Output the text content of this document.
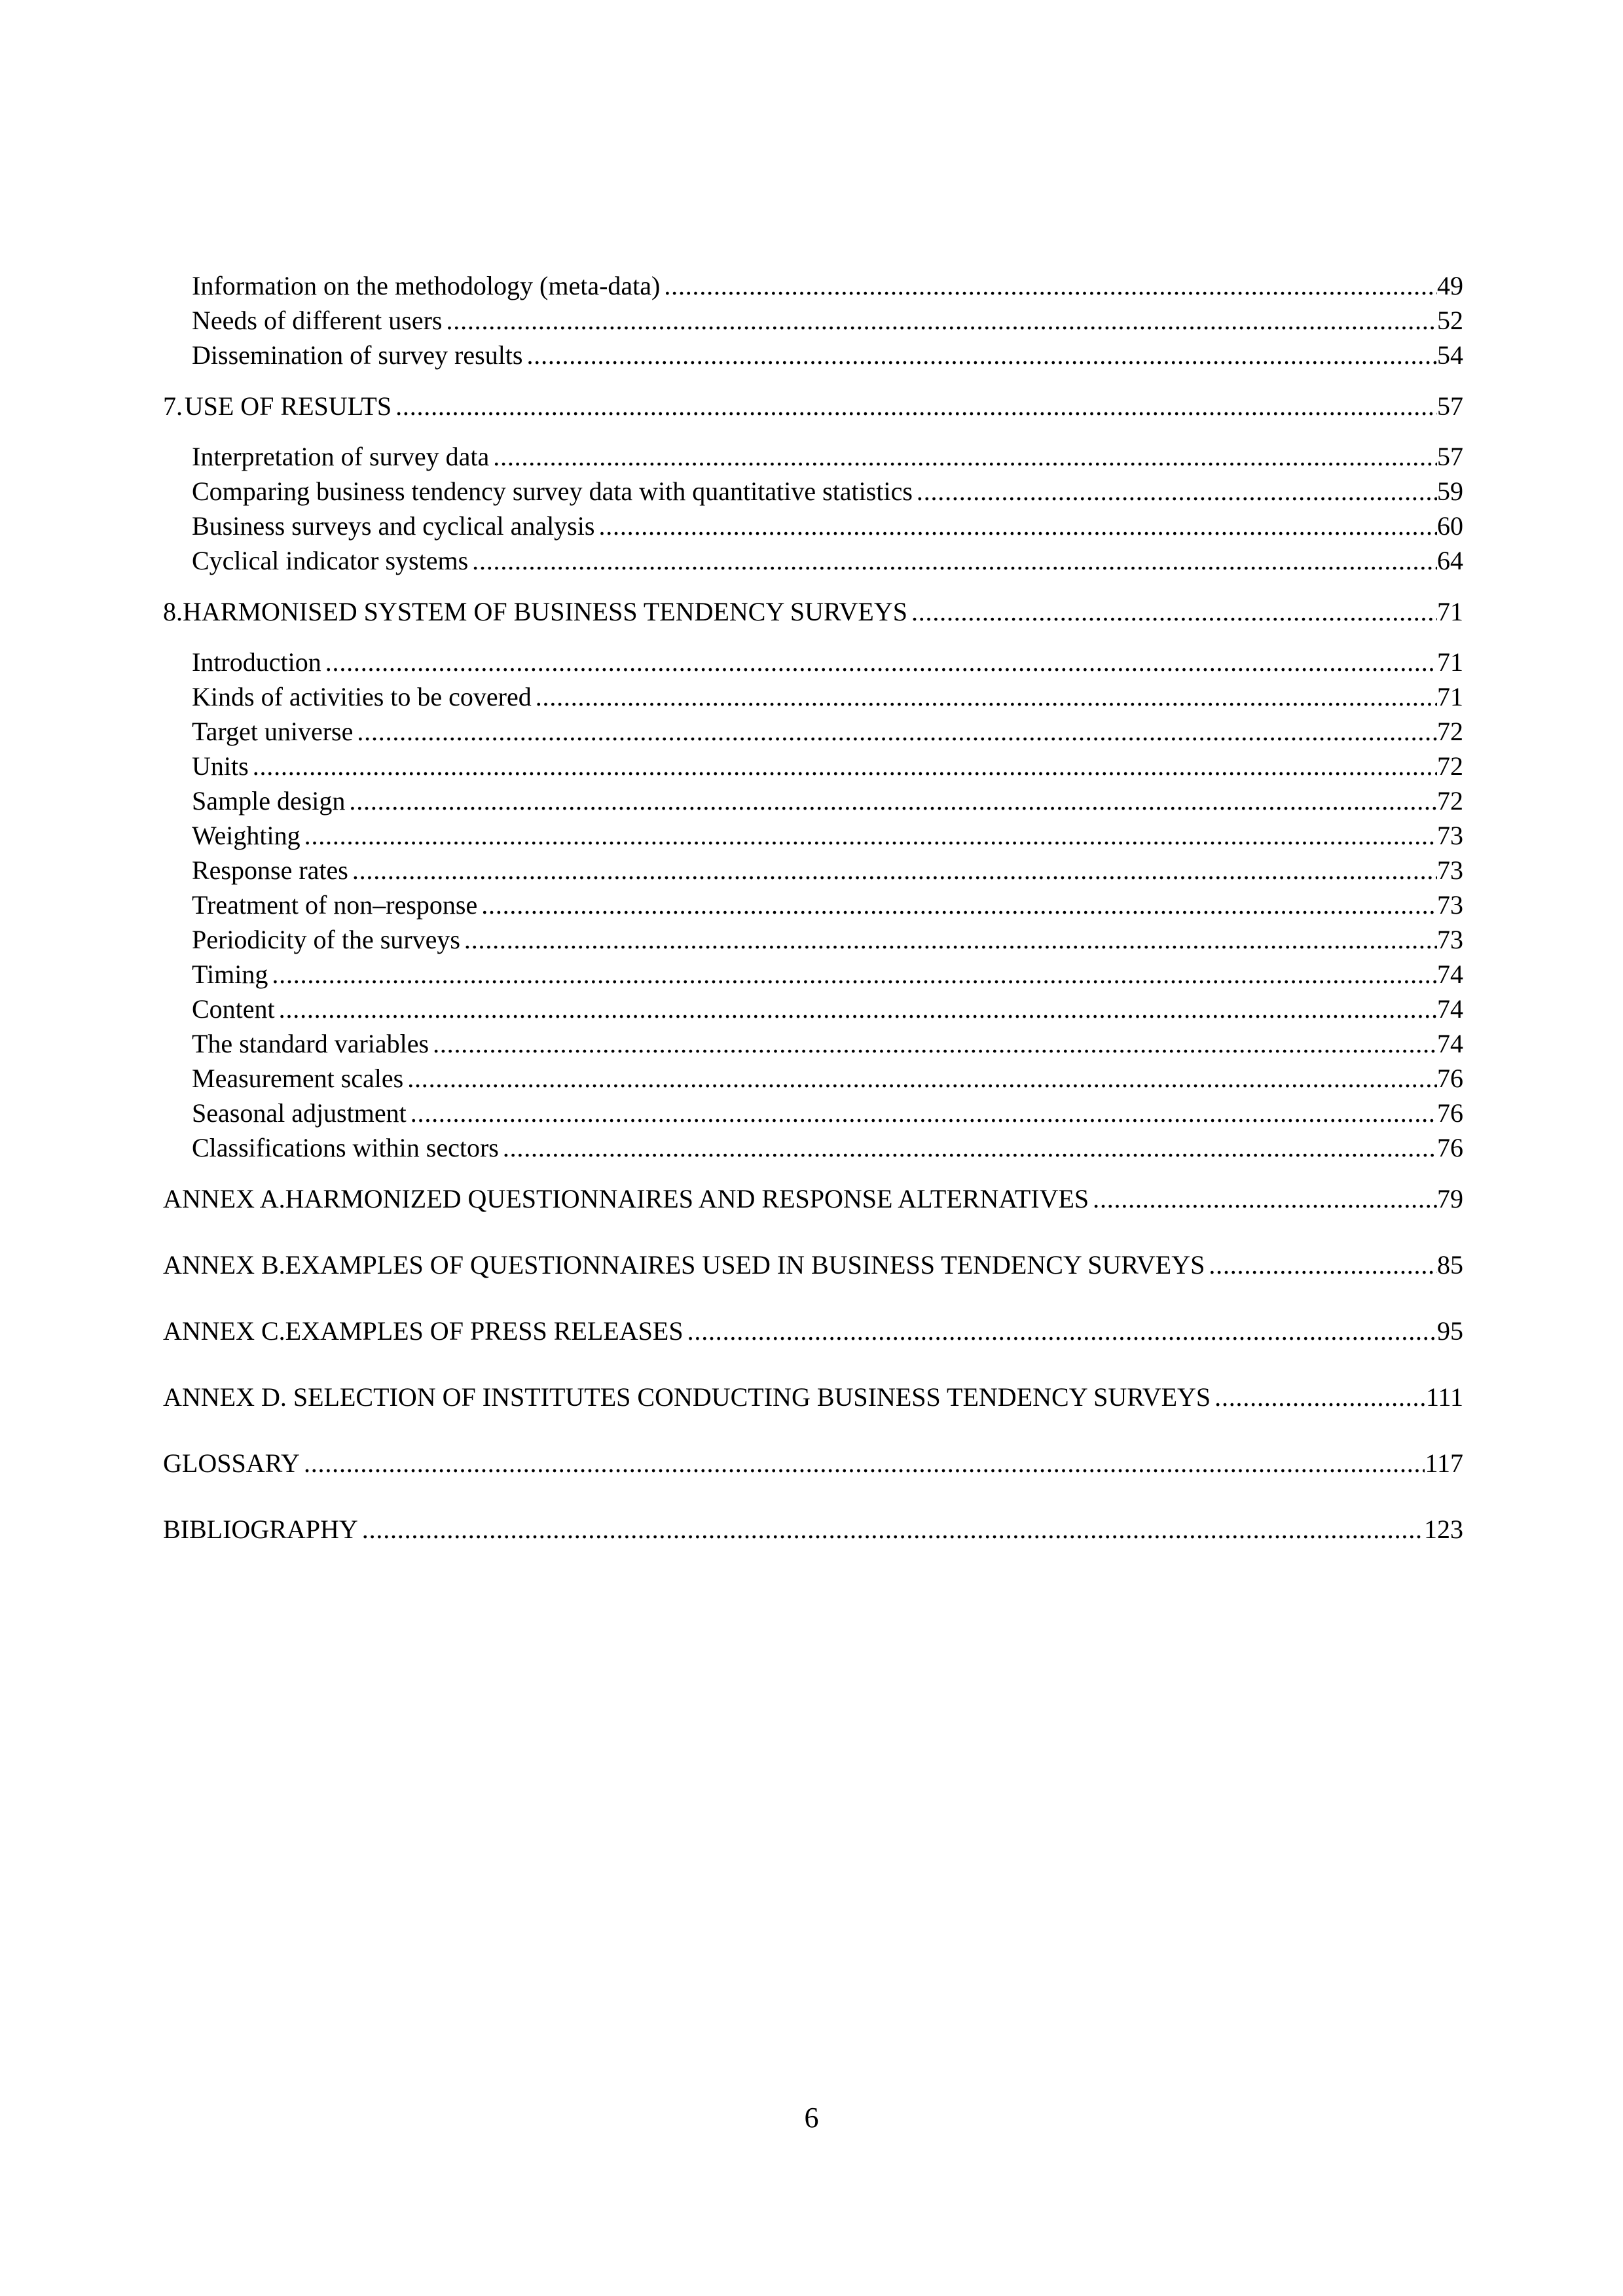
Information on the methodology (meta-data) . . .	49
Needs of different users . . .	52
Dissemination of survey results . . .	54
7. USE OF RESULTS . . .	57
Interpretation of survey data . . .	57
Comparing business tendency survey data with quantitative statistics . . .	59
Business surveys and cyclical analysis . . .	60
Cyclical indicator systems . . .	64
8. HARMONISED SYSTEM OF BUSINESS TENDENCY SURVEYS . . .	71
Introduction . . .	71
Kinds of activities to be covered . . .	71
Target universe . . .	72
Units . . .	72
Sample design . . .	72
Weighting . . .	73
Response rates . . .	73
Treatment of non–response . . .	73
Periodicity of the surveys . . .	73
Timing . . .	74
Content . . .	74
The standard variables . . .	74
Measurement scales . . .	76
Seasonal adjustment . . .	76
Classifications within sectors . . .	76
ANNEX A. HARMONIZED QUESTIONNAIRES AND RESPONSE ALTERNATIVES . . .	79
ANNEX B. EXAMPLES OF QUESTIONNAIRES USED IN BUSINESS TENDENCY SURVEYS . . .	85
ANNEX C. EXAMPLES OF PRESS RELEASES . . .	95
ANNEX D. SELECTION OF INSTITUTES CONDUCTING BUSINESS TENDENCY SURVEYS . . .	111
GLOSSARY . . .	117
BIBLIOGRAPHY . . .	123
6
